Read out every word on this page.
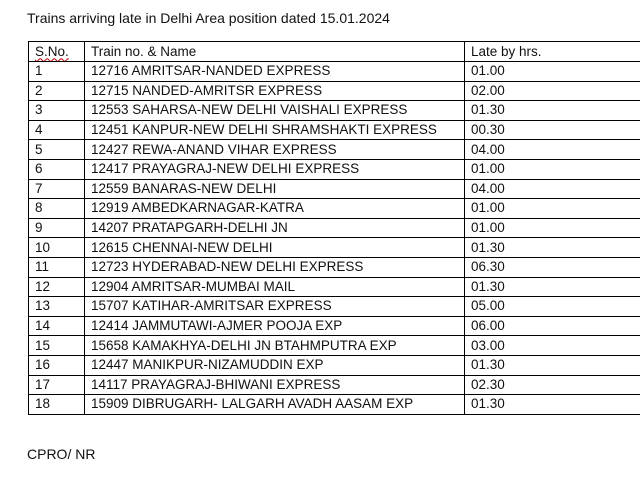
Trains arriving late in Delhi Area position dated 15.01.2024
S.No.	Train no. & Name	Late by hrs.
1	12716 AMRITSAR-NANDED EXPRESS	01.00
2	12715 NANDED-AMRITSR EXPRESS	02.00
3	12553 SAHARSA-NEW DELHI VAISHALI EXPRESS	01.30
4	12451 KANPUR-NEW DELHI SHRAMSHAKTI EXPRESS	00.30
5	12427 REWA-ANAND VIHAR EXPRESS	04.00
6	12417 PRAYAGRAJ-NEW DELHI EXPRESS	01.00
7	12559 BANARAS-NEW DELHI	04.00
8	12919 AMBEDKARNAGAR-KATRA	01.00
9	14207 PRATAPGARH-DELHI JN	01.00
10	12615 CHENNAI-NEW DELHI	01.30
11	12723 HYDERABAD-NEW DELHI EXPRESS	06.30
12	12904 AMRITSAR-MUMBAI MAIL	01.30
13	15707 KATIHAR-AMRITSAR EXPRESS	05.00
14	12414 JAMMUTAWI-AJMER POOJA EXP	06.00
15	15658 KAMAKHYA-DELHI JN BTAHMPUTRA EXP	03.00
16	12447 MANIKPUR-NIZAMUDDIN EXP	01.30
17	14117 PRAYAGRAJ-BHIWANI EXPRESS	02.30
18	15909 DIBRUGARH- LALGARH AVADH AASAM EXP	01.30
CPRO/ NR
